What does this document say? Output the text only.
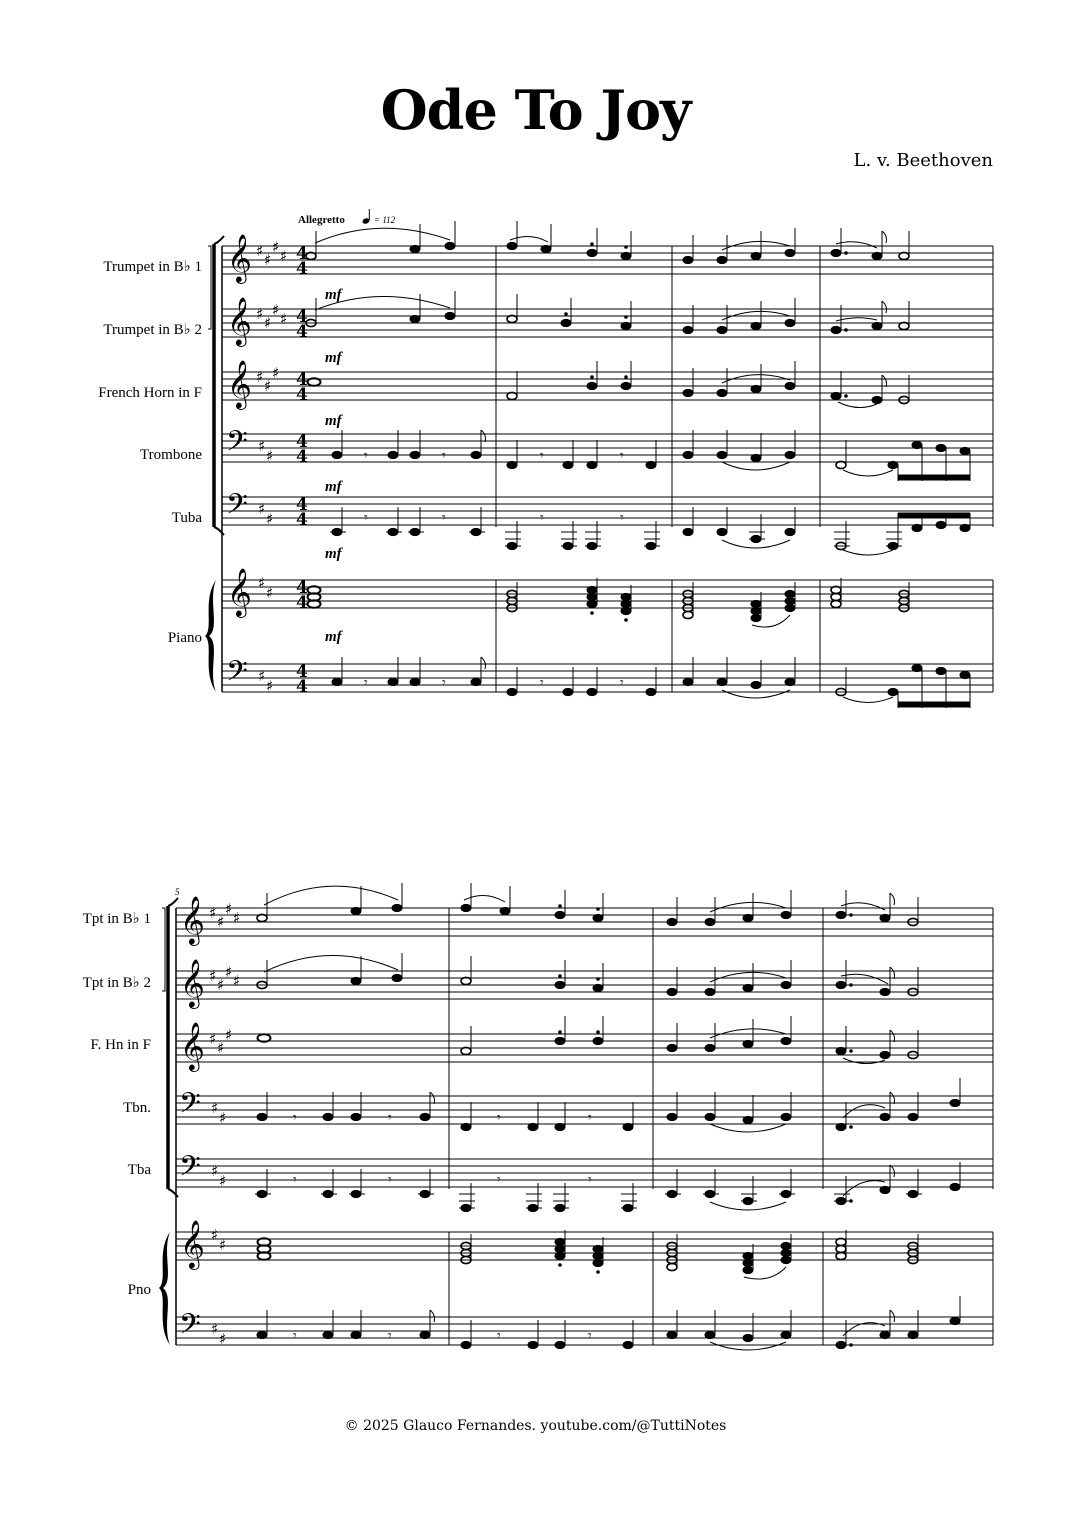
Ode To Joy
L. v. Beethoven
© 2025 Glauco Fernandes. youtube.com/@TuttiNotes
Allegretto	= 112
Trumpet in B♭ 1
Trumpet in B♭ 2
French Horn in F
Trombone
Tuba
Piano
𝄞
𝄞
𝄞
𝄢
𝄢
𝄞
𝄢
♯ ♯
♯ ♯
♯ ♯
♯ ♯
♯ ♯
♯
♯
♯
♯
♯
♯
♯
♯
♯
4
4
4
4
4
4
4
4
4
4
4
4
4
4
mf
mf
mf
mf
mf
mf
𝄾	𝄾	𝄾	𝄾
𝄾	𝄾	𝄾	𝄾
𝄾	𝄾	𝄾	𝄾
5
Tpt in B♭ 1
Tpt in B♭ 2
F. Hn in F
Tbn.
Tba
Pno
𝄞
𝄞
𝄞
𝄢
𝄢
𝄞
𝄢
♯ ♯
♯ ♯
♯ ♯
♯ ♯
♯ ♯
♯
♯
♯
♯
♯
♯
♯
♯
♯
𝄾	𝄾	𝄾	𝄾
𝄾	𝄾	𝄾	𝄾
𝄾	𝄾	𝄾	𝄾
